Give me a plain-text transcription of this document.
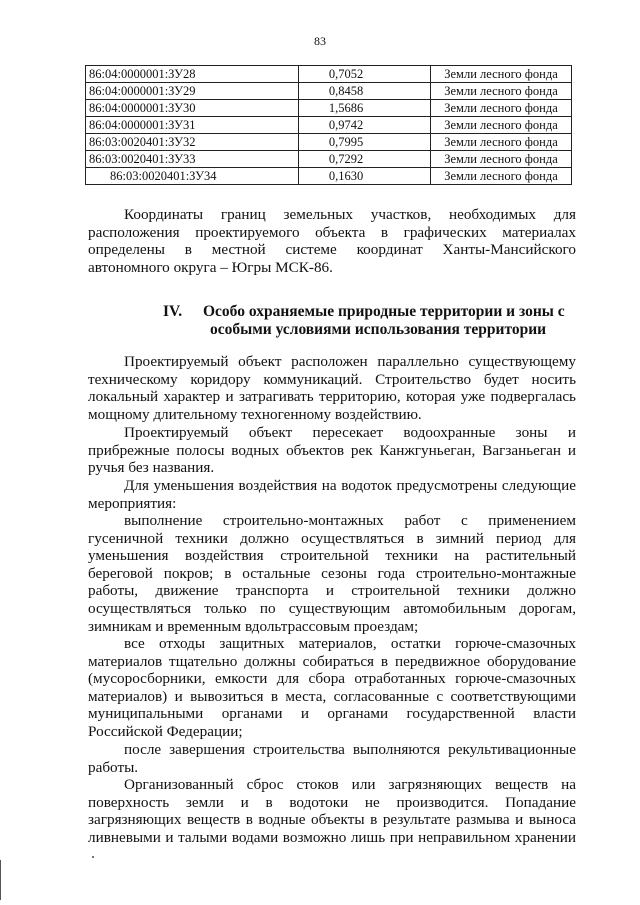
83
86:04:0000001:ЗУ28	0,7052	Земли лесного фонда
86:04:0000001:ЗУ29	0,8458	Земли лесного фонда
86:04:0000001:ЗУ30	1,5686	Земли лесного фонда
86:04:0000001:ЗУ31	0,9742	Земли лесного фонда
86:03:0020401:ЗУ32	0,7995	Земли лесного фонда
86:03:0020401:ЗУ33	0,7292	Земли лесного фонда
86:03:0020401:ЗУ34	0,1630	Земли лесного фонда
Координаты границ земельных участков, необходимых для
расположения проектируемого объекта в графических материалах
определены в местной системе координат Ханты-Мансийского
автономного округа – Югры МСК-86.
IV. Особо охраняемые природные территории и зоны с
особыми условиями использования территории
Проектируемый объект расположен параллельно существующему
техническому коридору коммуникаций. Строительство будет носить
локальный характер и затрагивать территорию, которая уже подвергалась
мощному длительному техногенному воздействию.
Проектируемый объект пересекает водоохранные зоны и
прибрежные полосы водных объектов рек Канжгуньеган, Вагзаньеган и
ручья без названия.
Для уменьшения воздействия на водоток предусмотрены следующие
мероприятия:
выполнение строительно-монтажных работ с применением
гусеничной техники должно осуществляться в зимний период для
уменьшения воздействия строительной техники на растительный
береговой покров; в остальные сезоны года строительно-монтажные
работы, движение транспорта и строительной техники должно
осуществляться только по существующим автомобильным дорогам,
зимникам и временным вдольтрассовым проездам;
все отходы защитных материалов, остатки горюче-смазочных
материалов тщательно должны собираться в передвижное оборудование
(мусоросборники, емкости для сбора отработанных горюче-смазочных
материалов) и вывозиться в места, согласованные с соответствующими
муниципальными органами и органами государственной власти
Российской Федерации;
после завершения строительства выполняются рекультивационные
работы.
Организованный сброс стоков или загрязняющих веществ на
поверхность земли и в водотоки не производится. Попадание
загрязняющих веществ в водные объекты в результате размыва и выноса
ливневыми и талыми водами возможно лишь при неправильном хранении
